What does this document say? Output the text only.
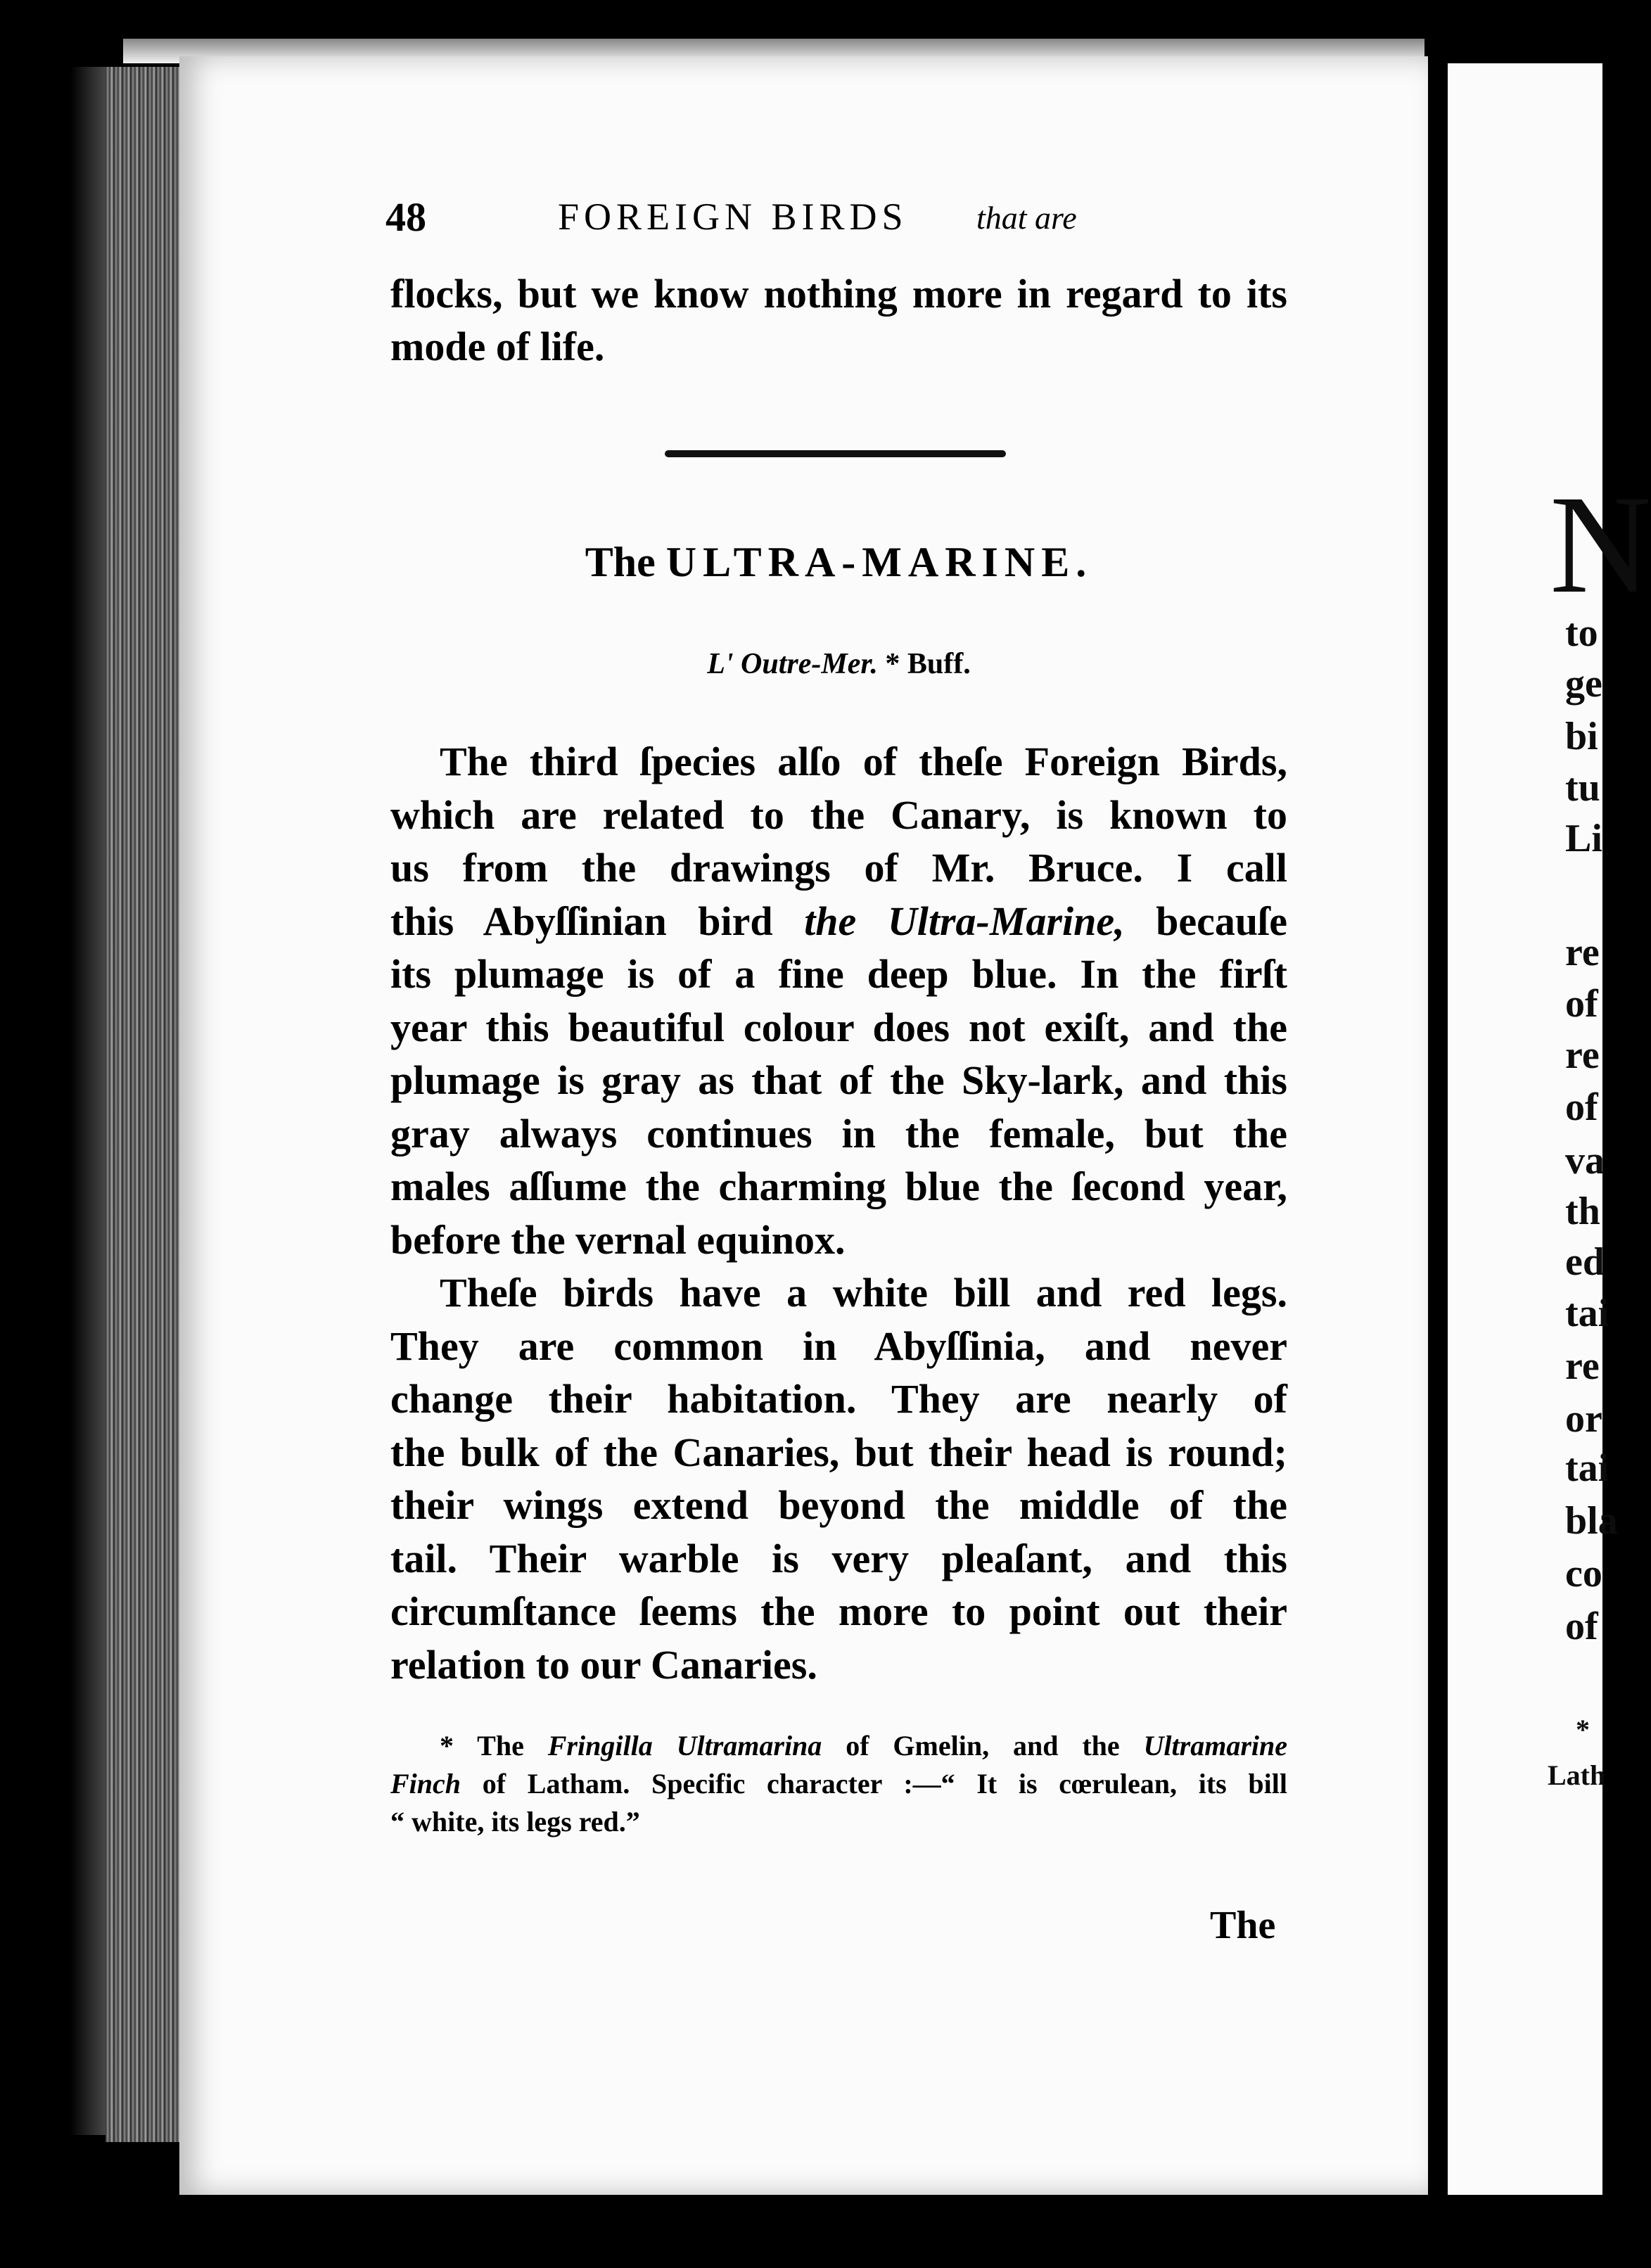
48	FOREIGN BIRDS that are
flocks, but we know nothing more in regard to its mode of life.
The ULTRA-MARINE.
L' Outre-Mer. * Buff.
The third ſpecies alſo of theſe Foreign Birds,
which are related to the Canary, is known to
us from the drawings of Mr. Bruce. I call
this Abyſſinian bird the Ultra-Marine, becauſe
its plumage is of a fine deep blue. In the firſt
year this beautiful colour does not exiſt, and the
plumage is gray as that of the Sky-lark, and this
gray always continues in the female, but the
males aſſume the charming blue the ſecond year,
before the vernal equinox.
Theſe birds have a white bill and red legs.
They are common in Abyſſinia, and never
change their habitation. They are nearly of
the bulk of the Canaries, but their head is round;
their wings extend beyond the middle of the
tail. Their warble is very pleaſant, and this
circumſtance ſeems the more to point out their
relation to our Canaries.
* The Fringilla Ultramarina of Gmelin, and the Ultramarine
Finch of Latham. Specific character :—“ It is cœrulean, its bill
“ white, its legs red.”
The
N
to
ge
bi
tu
Li
re
of
re
of
va
th
ed
tai
re
or
tai
bla
co
of
*
Lath
